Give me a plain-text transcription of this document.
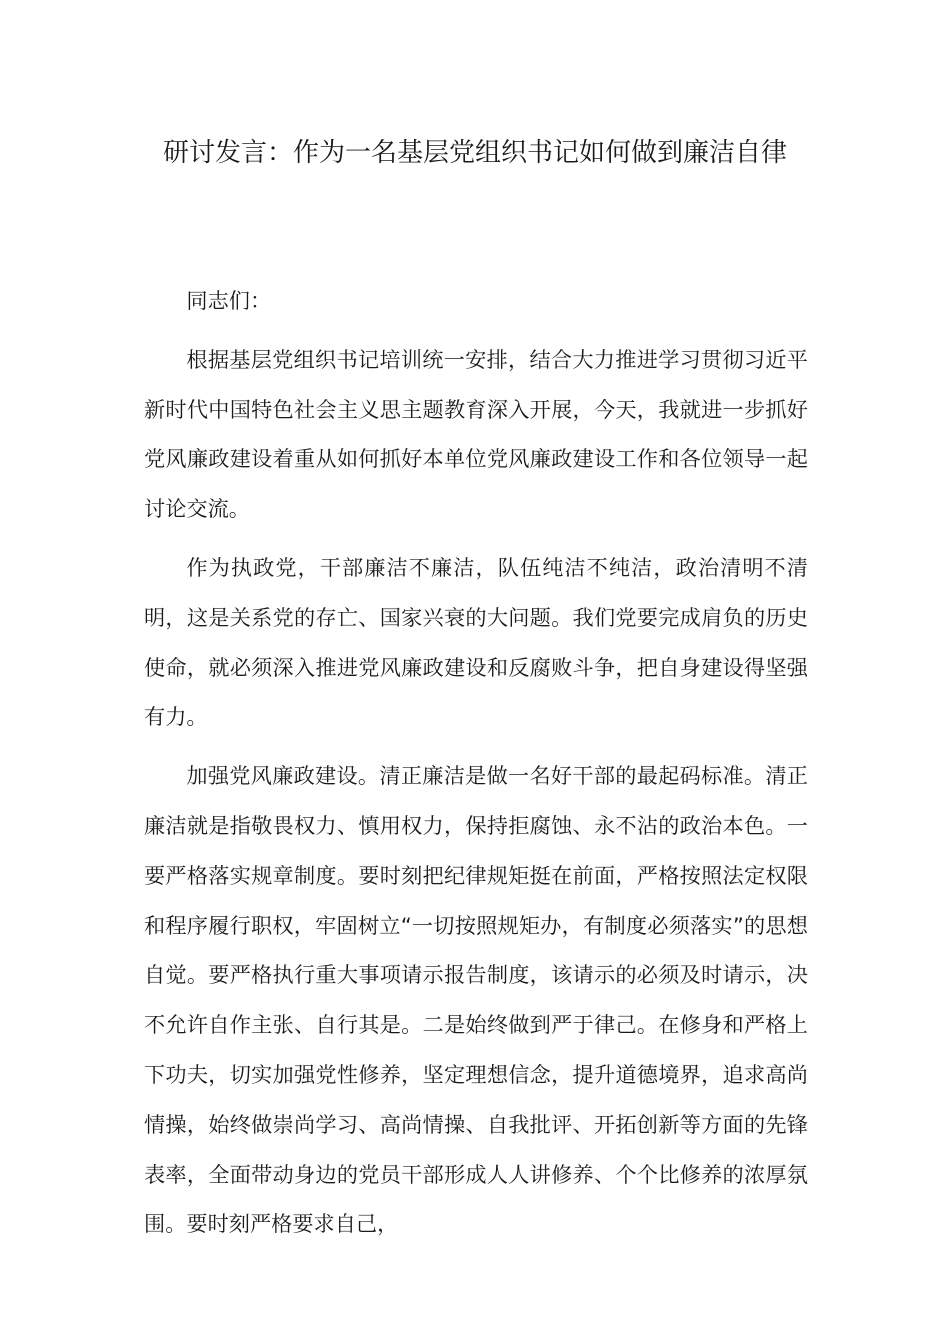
研讨发言：作为一名基层党组织书记如何做到廉洁自律

同志们：

根据基层党组织书记培训统一安排，结合大力推进学习贯彻习近平新时代中国特色社会主义思主题教育深入开展，今天，我就进一步抓好党风廉政建设着重从如何抓好本单位党风廉政建设工作和各位领导一起讨论交流。

作为执政党，干部廉洁不廉洁，队伍纯洁不纯洁，政治清明不清明，这是关系党的存亡、国家兴衰的大问题。我们党要完成肩负的历史使命，就必须深入推进党风廉政建设和反腐败斗争，把自身建设得坚强有力。

加强党风廉政建设。清正廉洁是做一名好干部的最起码标准。清正廉洁就是指敬畏权力、慎用权力，保持拒腐蚀、永不沾的政治本色。一要严格落实规章制度。要时刻把纪律规矩挺在前面，严格按照法定权限和程序履行职权，牢固树立“一切按照规矩办，有制度必须落实”的思想自觉。要严格执行重大事项请示报告制度，该请示的必须及时请示，决不允许自作主张、自行其是。二是始终做到严于律己。在修身和严格上下功夫，切实加强党性修养，坚定理想信念，提升道德境界，追求高尚情操，始终做崇尚学习、高尚情操、自我批评、开拓创新等方面的先锋表率，全面带动身边的党员干部形成人人讲修养、个个比修养的浓厚氛围。要时刻严格要求自己，
